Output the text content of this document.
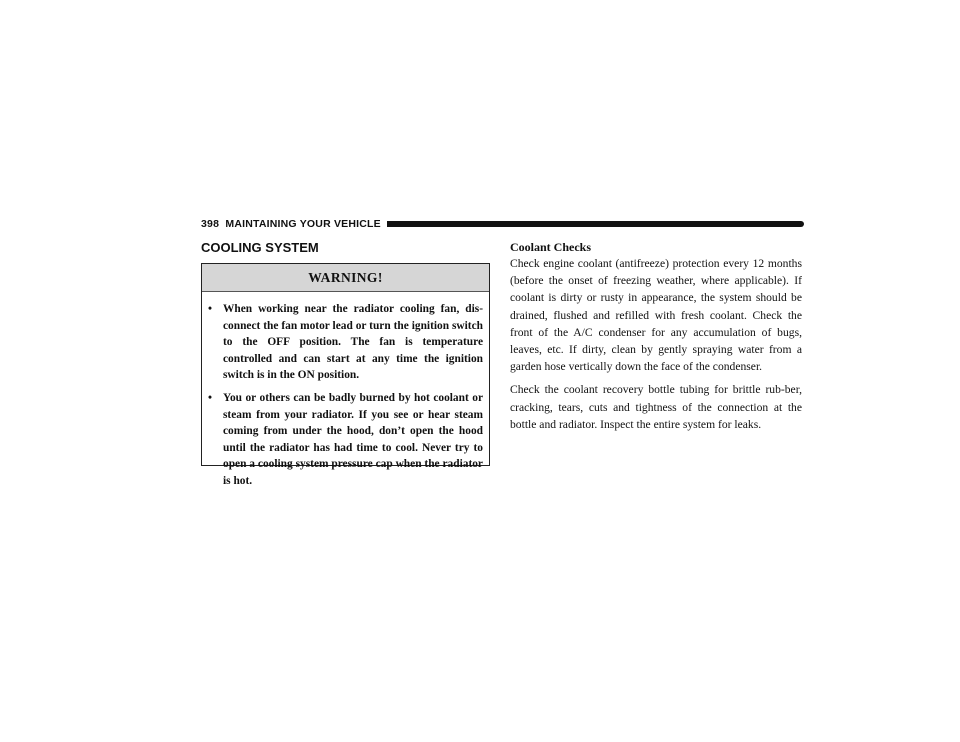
398 MAINTAINING YOUR VEHICLE
COOLING SYSTEM
WARNING!
• When working near the radiator cooling fan, dis-connect the fan motor lead or turn the ignition switch to the OFF position. The fan is temperature controlled and can start at any time the ignition switch is in the ON position.
• You or others can be badly burned by hot coolant or steam from your radiator. If you see or hear steam coming from under the hood, don’t open the hood until the radiator has had time to cool. Never try to open a cooling system pressure cap when the radiator is hot.
Coolant Checks

Check engine coolant (antifreeze) protection every 12 months (before the onset of freezing weather, where applicable). If coolant is dirty or rusty in appearance, the system should be drained, flushed and refilled with fresh coolant. Check the front of the A/C condenser for any accumulation of bugs, leaves, etc. If dirty, clean by gently spraying water from a garden hose vertically down the face of the condenser.

Check the coolant recovery bottle tubing for brittle rub-ber, cracking, tears, cuts and tightness of the connection at the bottle and radiator. Inspect the entire system for leaks.
